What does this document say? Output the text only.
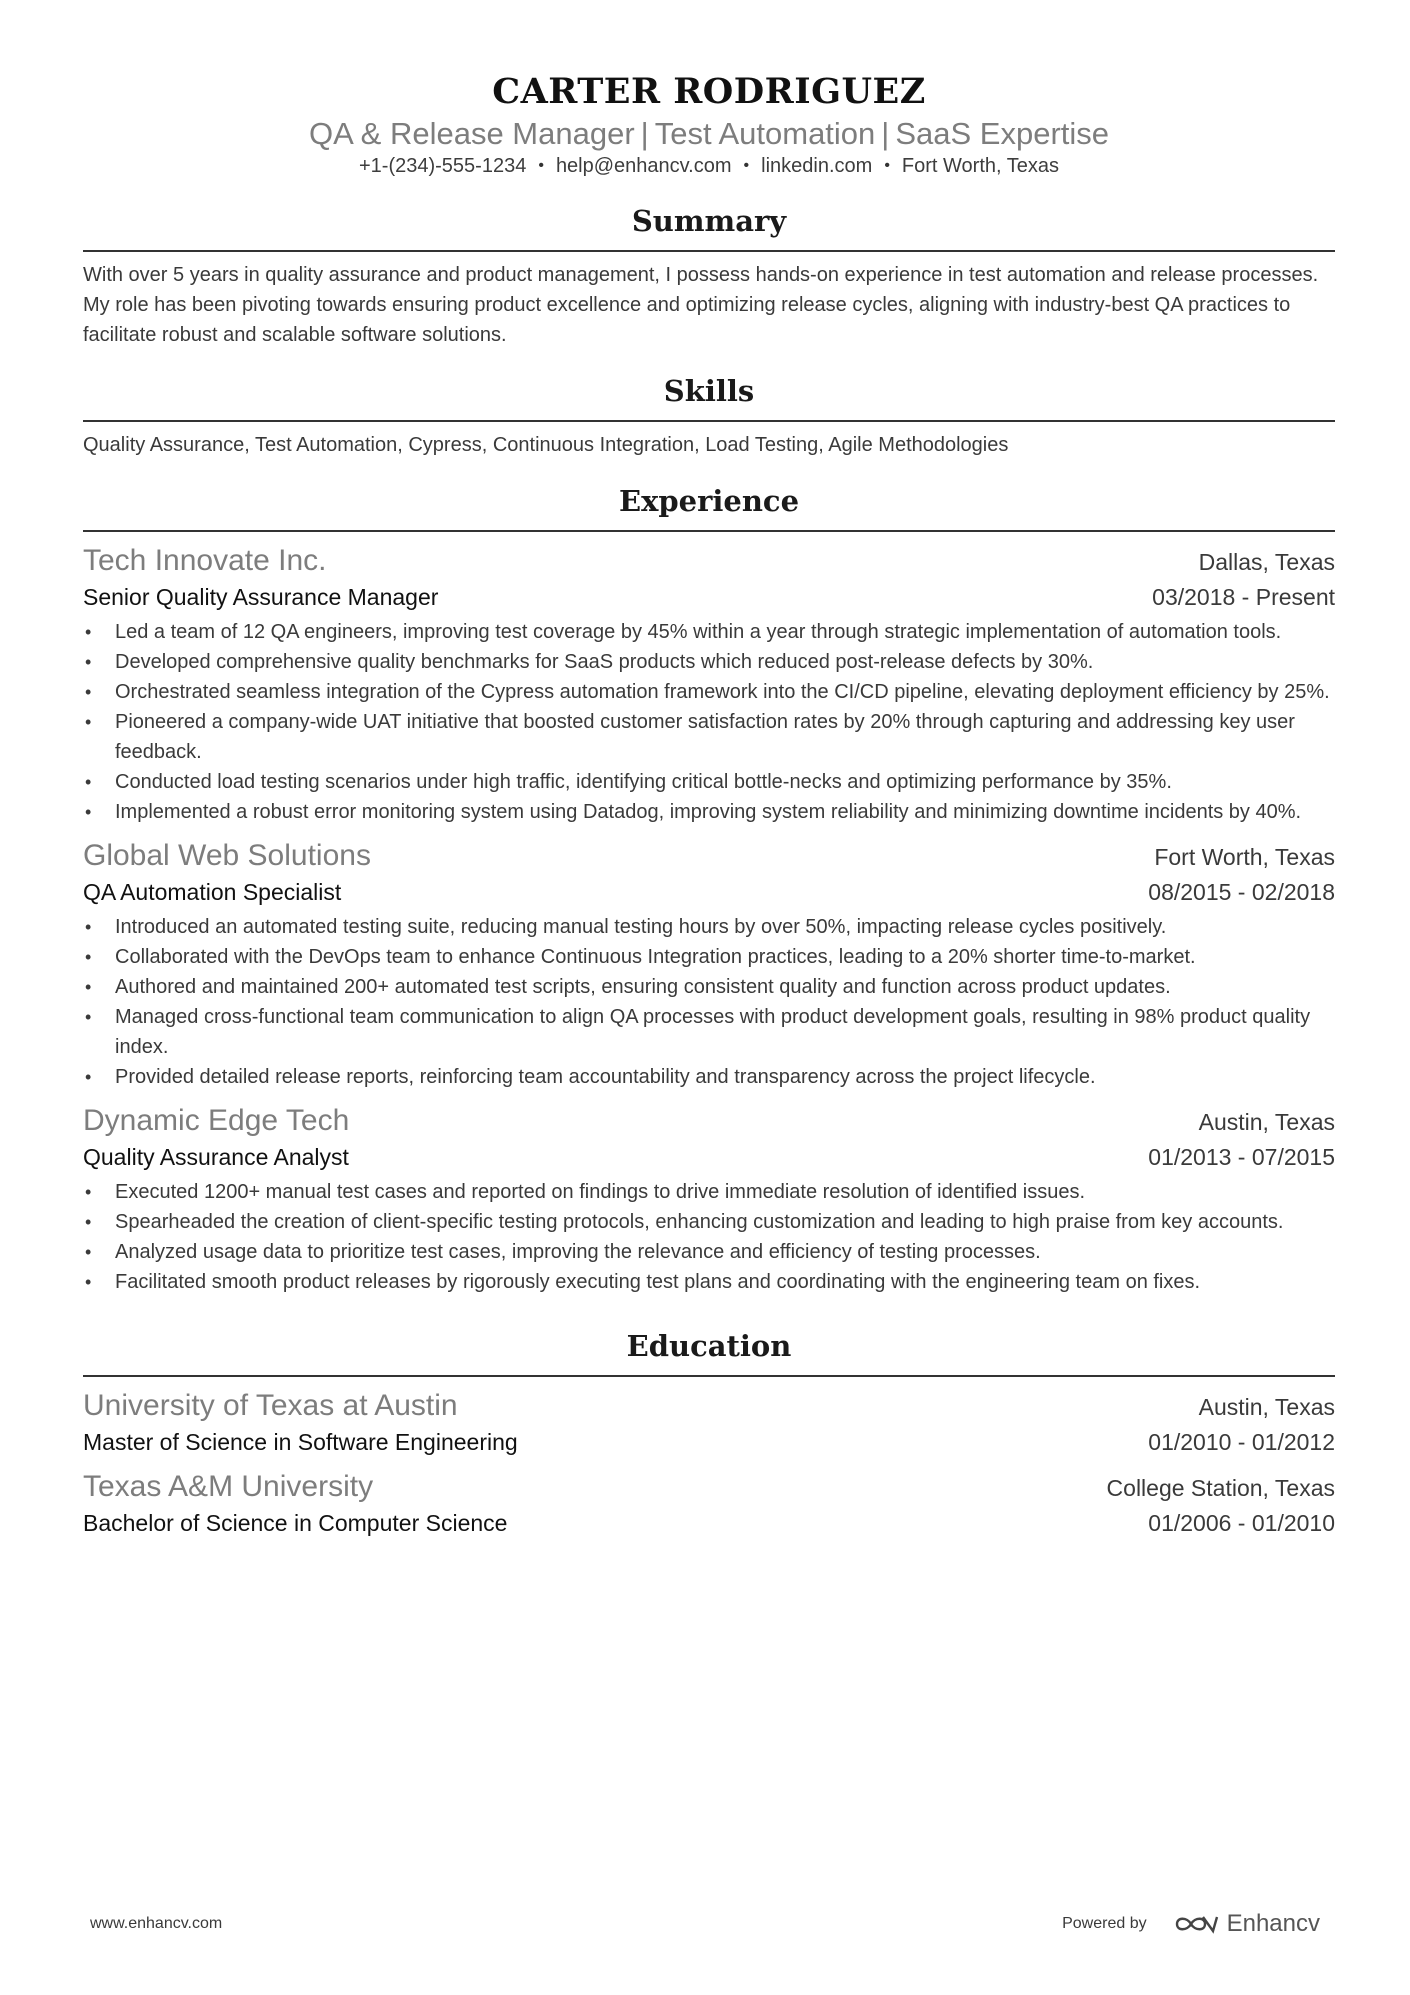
CARTER RODRIGUEZ
QA & Release Manager | Test Automation | SaaS Expertise
+1-(234)-555-1234 • help@enhancv.com • linkedin.com • Fort Worth, Texas
Summary
With over 5 years in quality assurance and product management, I possess hands-on experience in test automation and release processes. My role has been pivoting towards ensuring product excellence and optimizing release cycles, aligning with industry-best QA practices to facilitate robust and scalable software solutions.
Skills
Quality Assurance, Test Automation, Cypress, Continuous Integration, Load Testing, Agile Methodologies
Experience
Tech Innovate Inc.	Dallas, Texas
Senior Quality Assurance Manager	03/2018 - Present
• Led a team of 12 QA engineers, improving test coverage by 45% within a year through strategic implementation of automation tools.
• Developed comprehensive quality benchmarks for SaaS products which reduced post-release defects by 30%.
• Orchestrated seamless integration of the Cypress automation framework into the CI/CD pipeline, elevating deployment efficiency by 25%.
• Pioneered a company-wide UAT initiative that boosted customer satisfaction rates by 20% through capturing and addressing key user feedback.
• Conducted load testing scenarios under high traffic, identifying critical bottle-necks and optimizing performance by 35%.
• Implemented a robust error monitoring system using Datadog, improving system reliability and minimizing downtime incidents by 40%.
Global Web Solutions	Fort Worth, Texas
QA Automation Specialist	08/2015 - 02/2018
• Introduced an automated testing suite, reducing manual testing hours by over 50%, impacting release cycles positively.
• Collaborated with the DevOps team to enhance Continuous Integration practices, leading to a 20% shorter time-to-market.
• Authored and maintained 200+ automated test scripts, ensuring consistent quality and function across product updates.
• Managed cross-functional team communication to align QA processes with product development goals, resulting in 98% product quality index.
• Provided detailed release reports, reinforcing team accountability and transparency across the project lifecycle.
Dynamic Edge Tech	Austin, Texas
Quality Assurance Analyst	01/2013 - 07/2015
• Executed 1200+ manual test cases and reported on findings to drive immediate resolution of identified issues.
• Spearheaded the creation of client-specific testing protocols, enhancing customization and leading to high praise from key accounts.
• Analyzed usage data to prioritize test cases, improving the relevance and efficiency of testing processes.
• Facilitated smooth product releases by rigorously executing test plans and coordinating with the engineering team on fixes.
Education
University of Texas at Austin	Austin, Texas
Master of Science in Software Engineering	01/2010 - 01/2012
Texas A&M University	College Station, Texas
Bachelor of Science in Computer Science	01/2006 - 01/2010
www.enhancv.com	Powered by	Enhancv
